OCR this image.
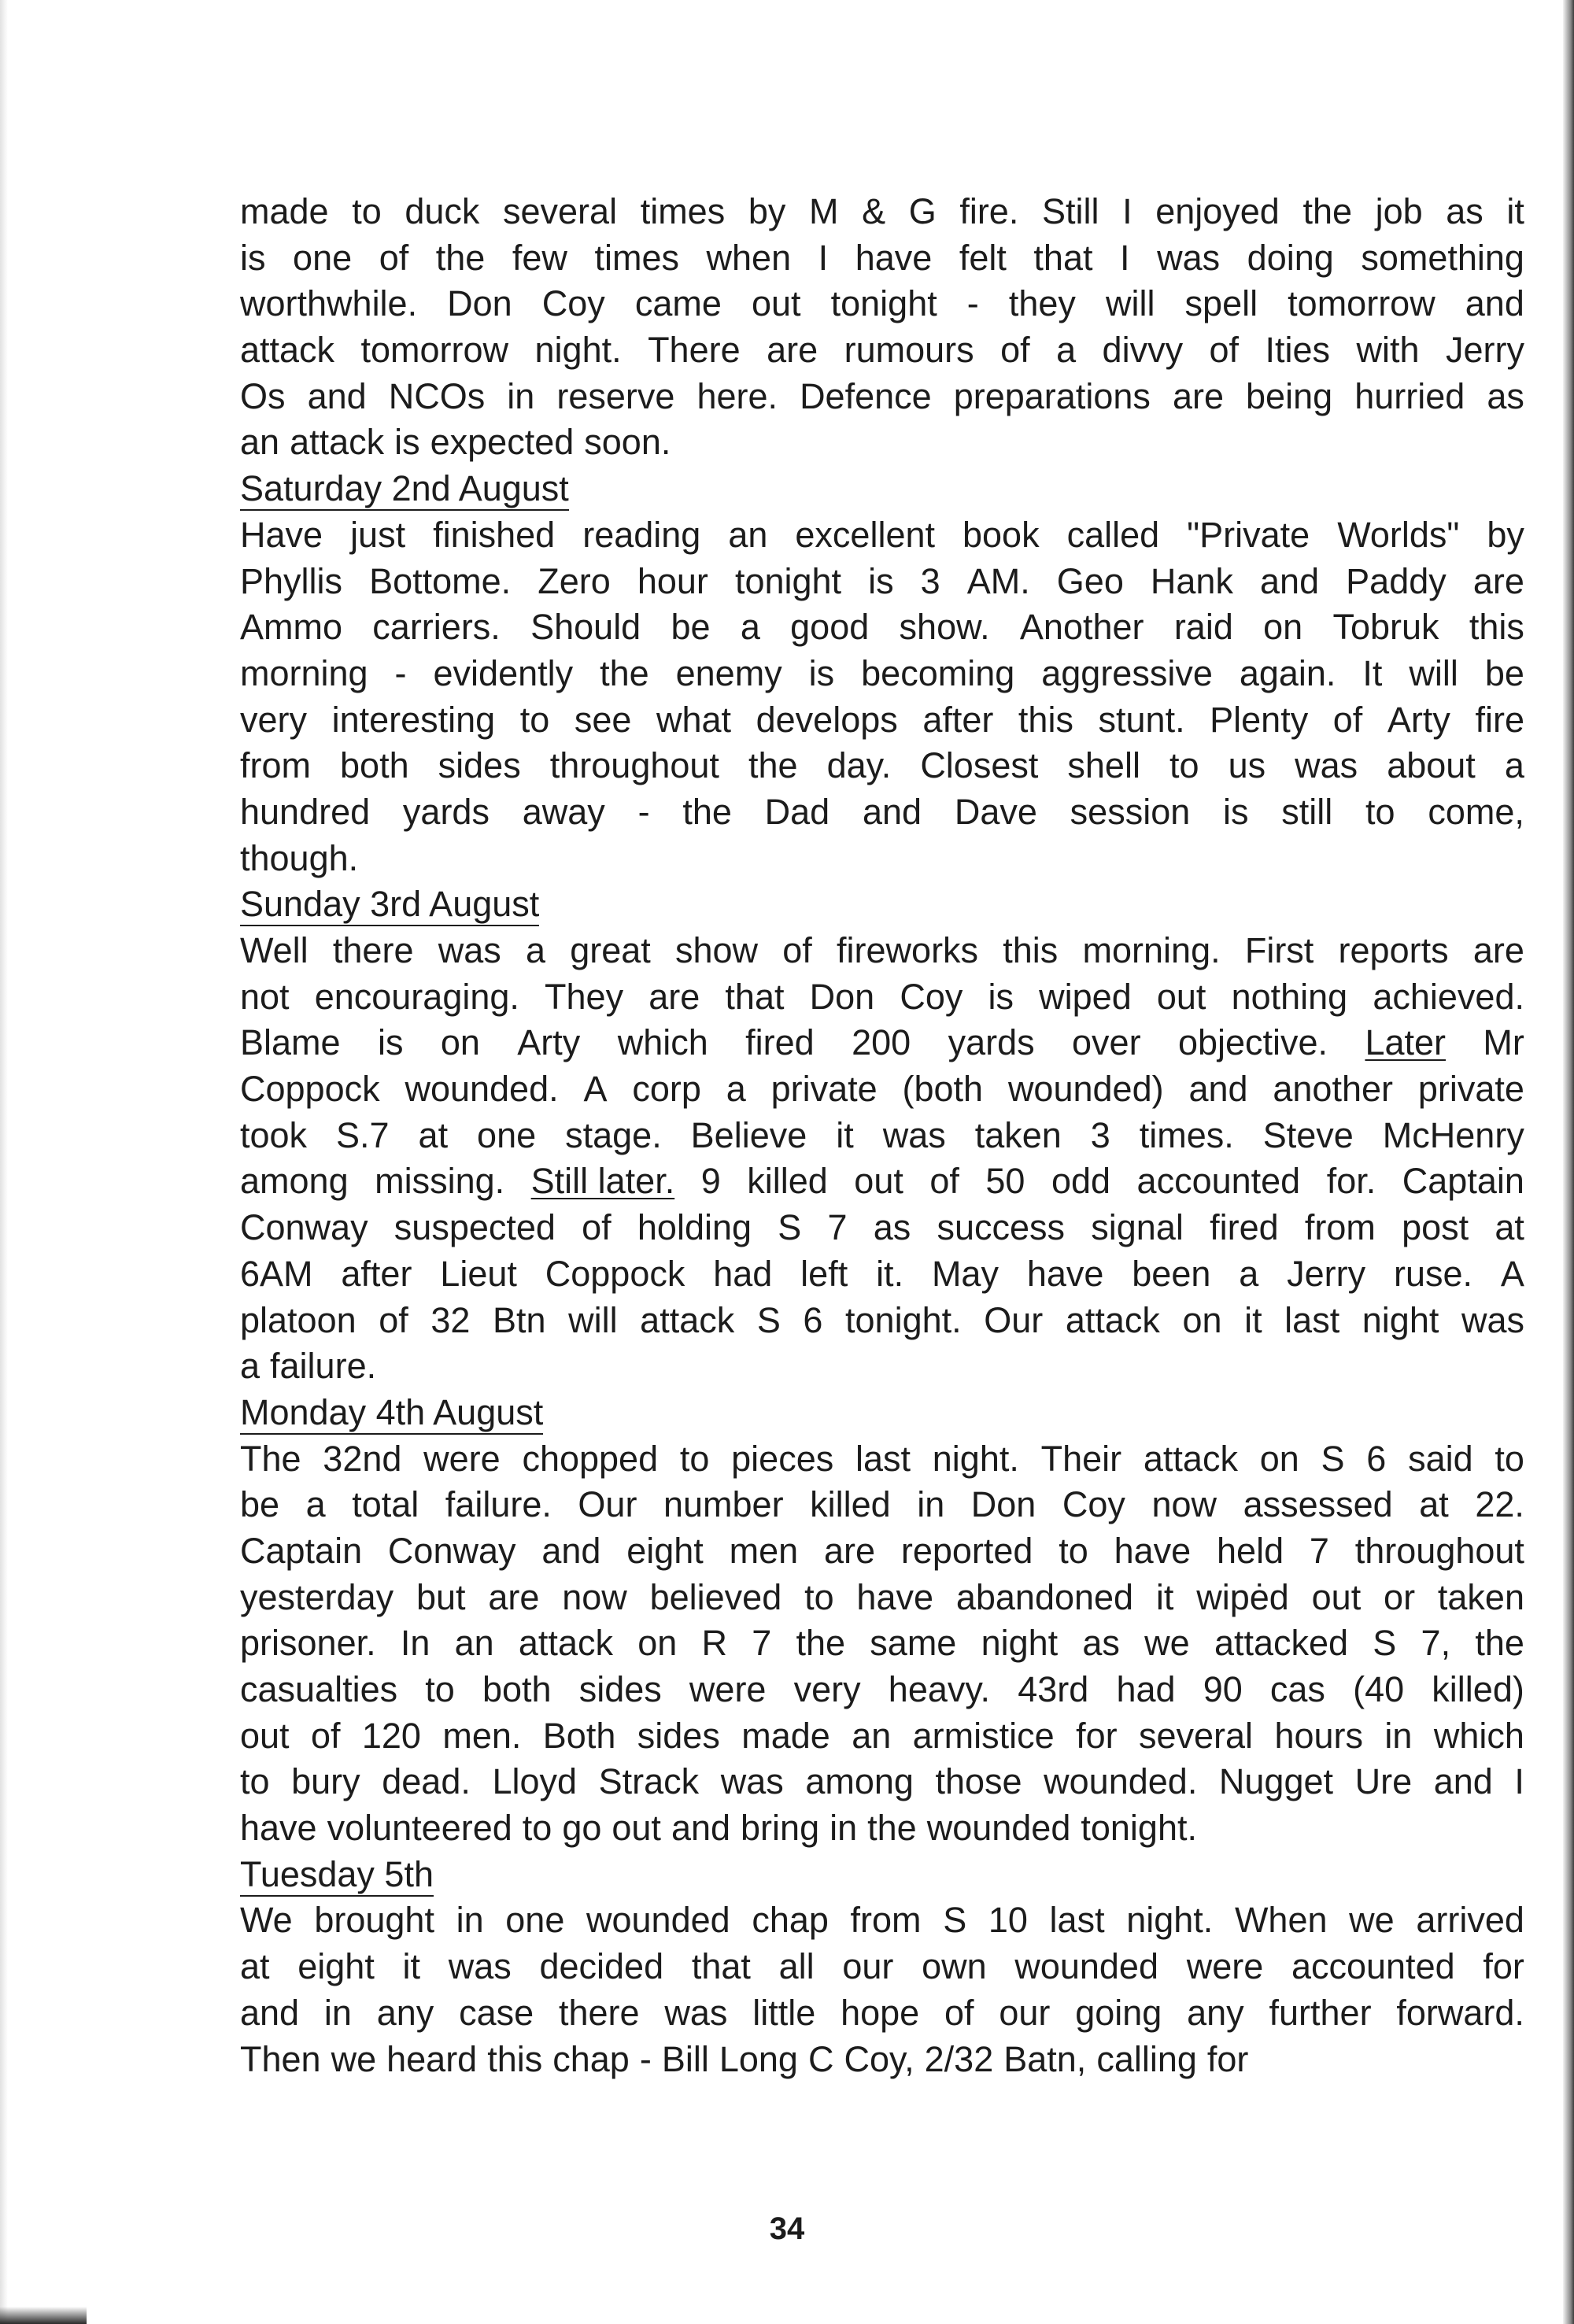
made to duck several times by M & G fire. Still I enjoyed the job as it
is one of the few times when I have felt that I was doing something
worthwhile. Don Coy came out tonight - they will spell tomorrow and
attack tomorrow night. There are rumours of a divvy of Ities with Jerry
Os and NCOs in reserve here. Defence preparations are being hurried as
an attack is expected soon.
Saturday 2nd August
Have just finished reading an excellent book called "Private Worlds" by
Phyllis Bottome. Zero hour tonight is 3 AM. Geo Hank and Paddy are
Ammo carriers. Should be a good show. Another raid on Tobruk this
morning - evidently the enemy is becoming aggressive again. It will be
very interesting to see what develops after this stunt. Plenty of Arty fire
from both sides throughout the day. Closest shell to us was about a
hundred yards away - the Dad and Dave session is still to come,
though.
Sunday 3rd August
Well there was a great show of fireworks this morning. First reports are
not encouraging. They are that Don Coy is wiped out nothing achieved.
Blame is on Arty which fired 200 yards over objective. Later Mr
Coppock wounded. A corp a private (both wounded) and another private
took S.7 at one stage. Believe it was taken 3 times. Steve McHenry
among missing. Still later. 9 killed out of 50 odd accounted for. Captain
Conway suspected of holding S 7 as success signal fired from post at
6AM after Lieut Coppock had left it. May have been a Jerry ruse. A
platoon of 32 Btn will attack S 6 tonight. Our attack on it last night was
a failure.
Monday 4th August
The 32nd were chopped to pieces last night. Their attack on S 6 said to
be a total failure. Our number killed in Don Coy now assessed at 22.
Captain Conway and eight men are reported to have held 7 throughout
yesterday but are now believed to have abandoned it wipėd out or taken
prisoner. In an attack on R 7 the same night as we attacked S 7, the
casualties to both sides were very heavy. 43rd had 90 cas (40 killed)
out of 120 men. Both sides made an armistice for several hours in which
to bury dead. Lloyd Strack was among those wounded. Nugget Ure and I
have volunteered to go out and bring in the wounded tonight.
Tuesday 5th
We brought in one wounded chap from S 10 last night. When we arrived
at eight it was decided that all our own wounded were accounted for
and in any case there was little hope of our going any further forward.
Then we heard this chap - Bill Long C Coy, 2/32 Batn, calling for
34
